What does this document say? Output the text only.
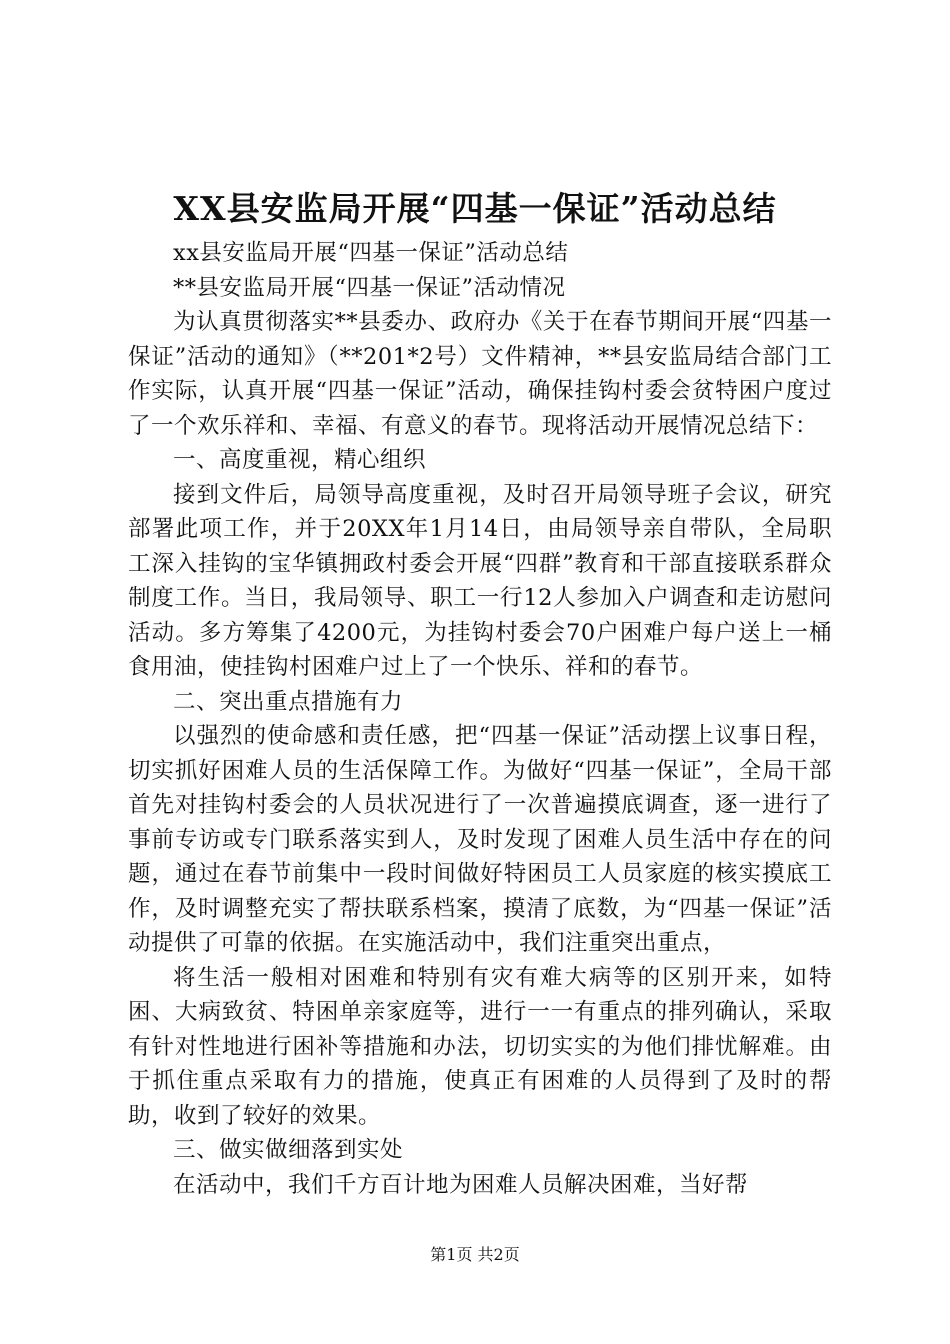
XX县安监局开展“四基一保证”活动总结

xx县安监局开展“四基一保证”活动总结

**县安监局开展“四基一保证”活动情况

为认真贯彻落实**县委办、政府办《关于在春节期间开展“四基一保证”活动的通知》（**201*2号）文件精神，**县安监局结合部门工作实际，认真开展“四基一保证”活动，确保挂钩村委会贫特困户度过了一个欢乐祥和、幸福、有意义的春节。现将活动开展情况总结下：

一、高度重视，精心组织

接到文件后，局领导高度重视，及时召开局领导班子会议，研究部署此项工作，并于20XX年1月14日，由局领导亲自带队，全局职工深入挂钩的宝华镇拥政村委会开展“四群”教育和干部直接联系群众制度工作。当日，我局领导、职工一行12人参加入户调查和走访慰问活动。多方筹集了4200元，为挂钩村委会70户困难户每户送上一桶食用油，使挂钩村困难户过上了一个快乐、祥和的春节。

二、突出重点措施有力

以强烈的使命感和责任感，把“四基一保证”活动摆上议事日程，切实抓好困难人员的生活保障工作。为做好“四基一保证”，全局干部首先对挂钩村委会的人员状况进行了一次普遍摸底调查，逐一进行了事前专访或专门联系落实到人，及时发现了困难人员生活中存在的问题，通过在春节前集中一段时间做好特困员工人员家庭的核实摸底工作，及时调整充实了帮扶联系档案，摸清了底数，为“四基一保证”活动提供了可靠的依据。在实施活动中，我们注重突出重点，

将生活一般相对困难和特别有灾有难大病等的区别开来，如特困、大病致贫、特困单亲家庭等，进行一一有重点的排列确认，采取有针对性地进行困补等措施和办法，切切实实的为他们排忧解难。由于抓住重点采取有力的措施，使真正有困难的人员得到了及时的帮助，收到了较好的效果。

三、做实做细落到实处

在活动中，我们千方百计地为困难人员解决困难，当好帮

第1页 共2页
